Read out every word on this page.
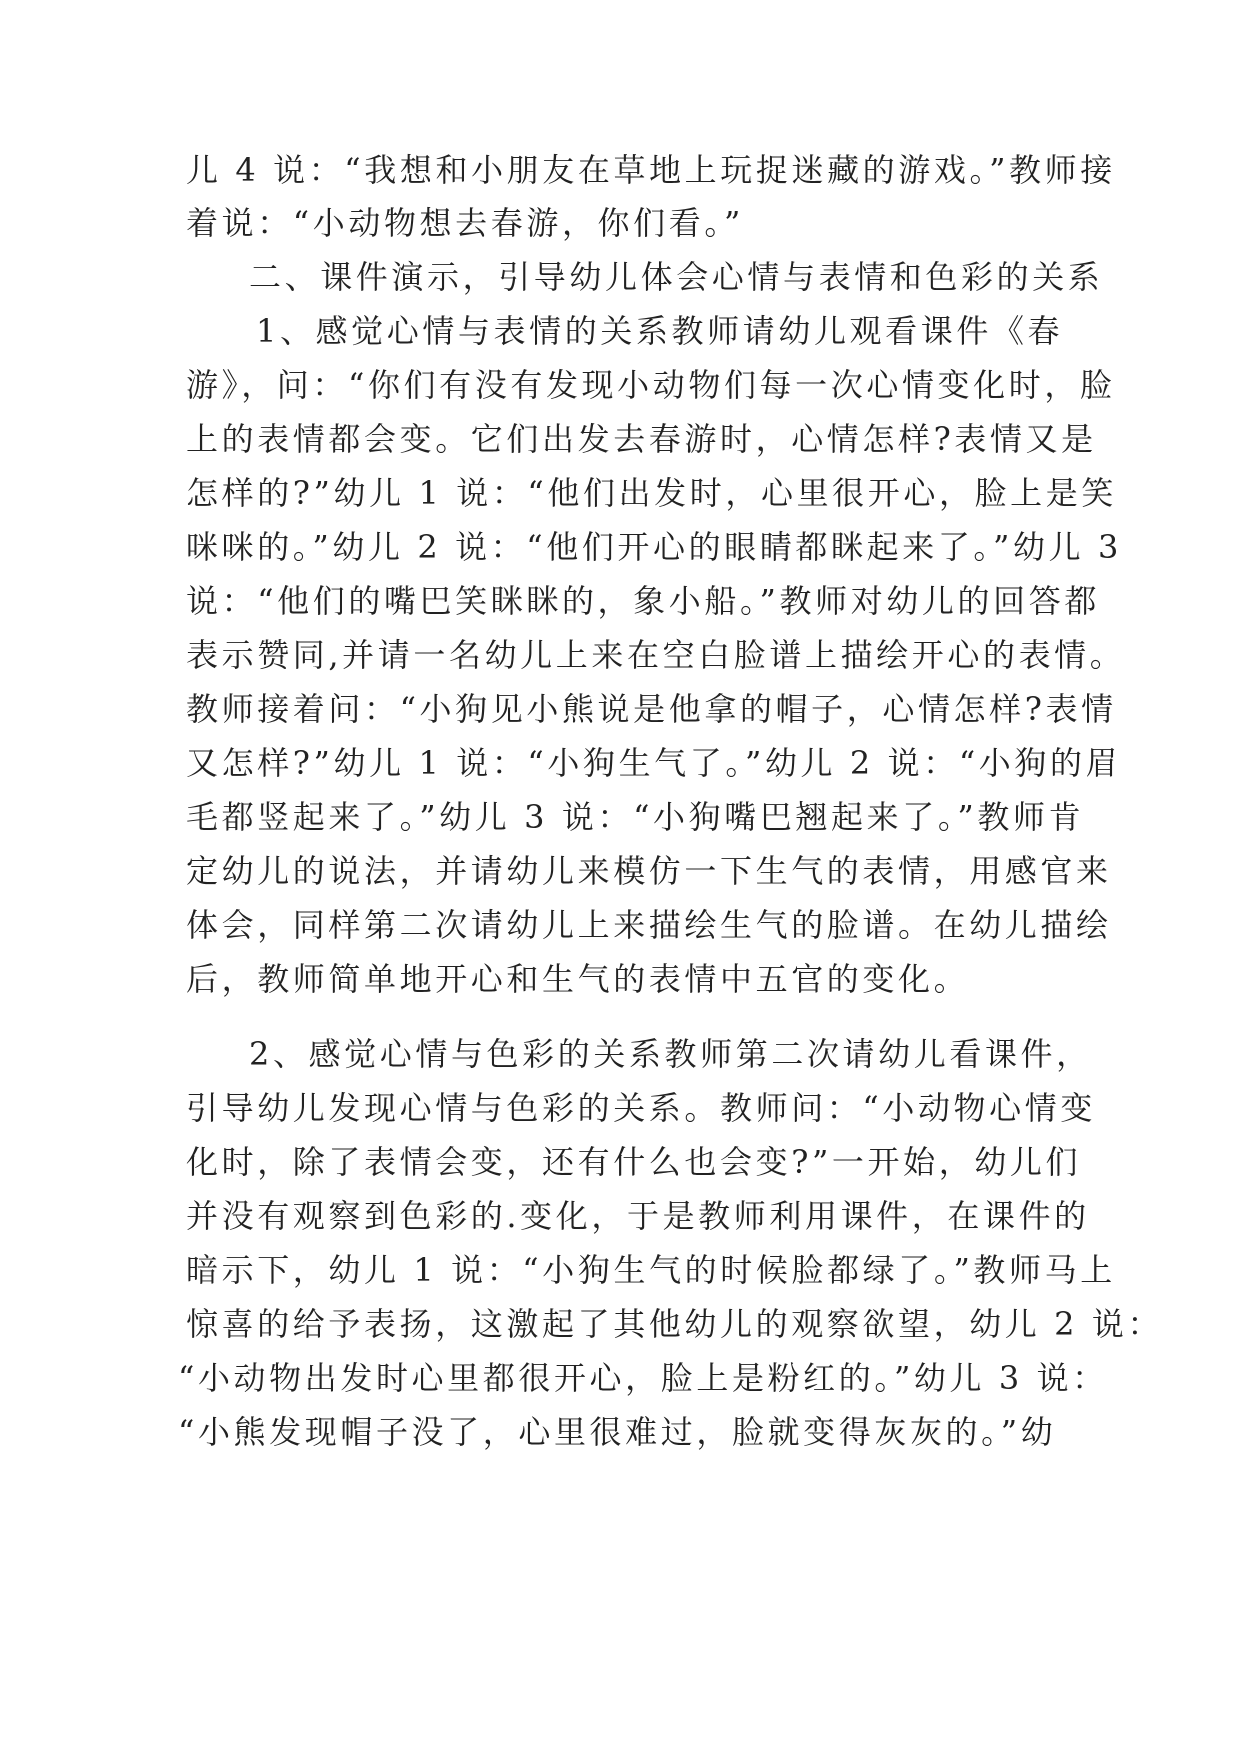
儿 4 说：“我想和小朋友在草地上玩捉迷藏的游戏。”教师接
着说：“小动物想去春游，你们看。”
二、课件演示，引导幼儿体会心情与表情和色彩的关系
1、感觉心情与表情的关系教师请幼儿观看课件《春
游》，问：“你们有没有发现小动物们每一次心情变化时，脸
上的表情都会变。它们出发去春游时，心情怎样?表情又是
怎样的?”幼儿 1 说：“他们出发时，心里很开心，脸上是笑
咪咪的。”幼儿 2 说：“他们开心的眼睛都眯起来了。”幼儿 3
说：“他们的嘴巴笑眯眯的，象小船。”教师对幼儿的回答都
表示赞同,并请一名幼儿上来在空白脸谱上描绘开心的表情。
教师接着问：“小狗见小熊说是他拿的帽子，心情怎样?表情
又怎样?”幼儿 1 说：“小狗生气了。”幼儿 2 说：“小狗的眉
毛都竖起来了。”幼儿 3 说：“小狗嘴巴翘起来了。”教师肯
定幼儿的说法，并请幼儿来模仿一下生气的表情，用感官来
体会，同样第二次请幼儿上来描绘生气的脸谱。在幼儿描绘
后，教师简单地开心和生气的表情中五官的变化。
2、感觉心情与色彩的关系教师第二次请幼儿看课件，
引导幼儿发现心情与色彩的关系。教师问：“小动物心情变
化时，除了表情会变，还有什么也会变?”一开始，幼儿们
并没有观察到色彩的.变化，于是教师利用课件，在课件的
暗示下，幼儿 1 说：“小狗生气的时候脸都绿了。”教师马上
惊喜的给予表扬，这激起了其他幼儿的观察欲望，幼儿 2 说：
“小动物出发时心里都很开心，脸上是粉红的。”幼儿 3 说：
“小熊发现帽子没了，心里很难过，脸就变得灰灰的。”幼
